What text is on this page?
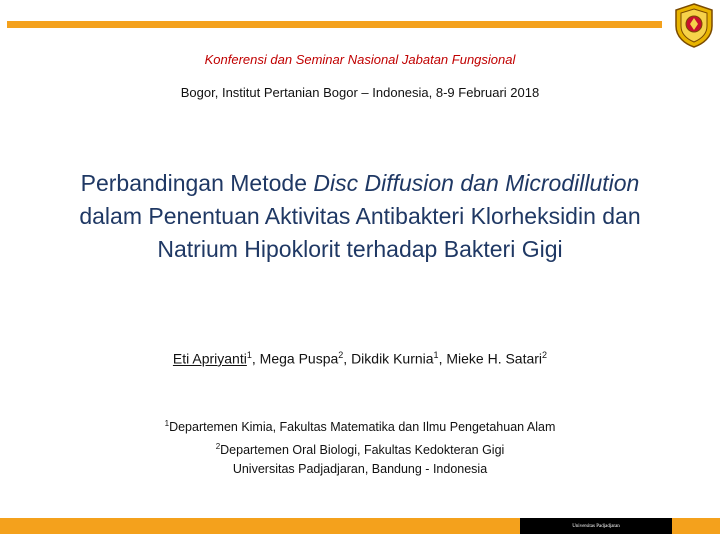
Konferensi dan Seminar Nasional Jabatan Fungsional
Bogor, Institut Pertanian Bogor – Indonesia, 8-9 Februari 2018
Perbandingan Metode Disc Diffusion dan Microdillution
dalam Penentuan Aktivitas Antibakteri Klorheksidin dan
Natrium Hipoklorit terhadap Bakteri Gigi
Eti Apriyanti$^1$, Mega Puspa$^2$, Dikdik Kurnia$^1$, Mieke H. Satari$^2$
$^1$Departemen Kimia, Fakultas Matematika dan Ilmu Pengetahuan Alam
$^2$Departemen Oral Biologi, Fakultas Kedokteran Gigi
Universitas Padjadjaran, Bandung - Indonesia
Universitas Padjadjaran
